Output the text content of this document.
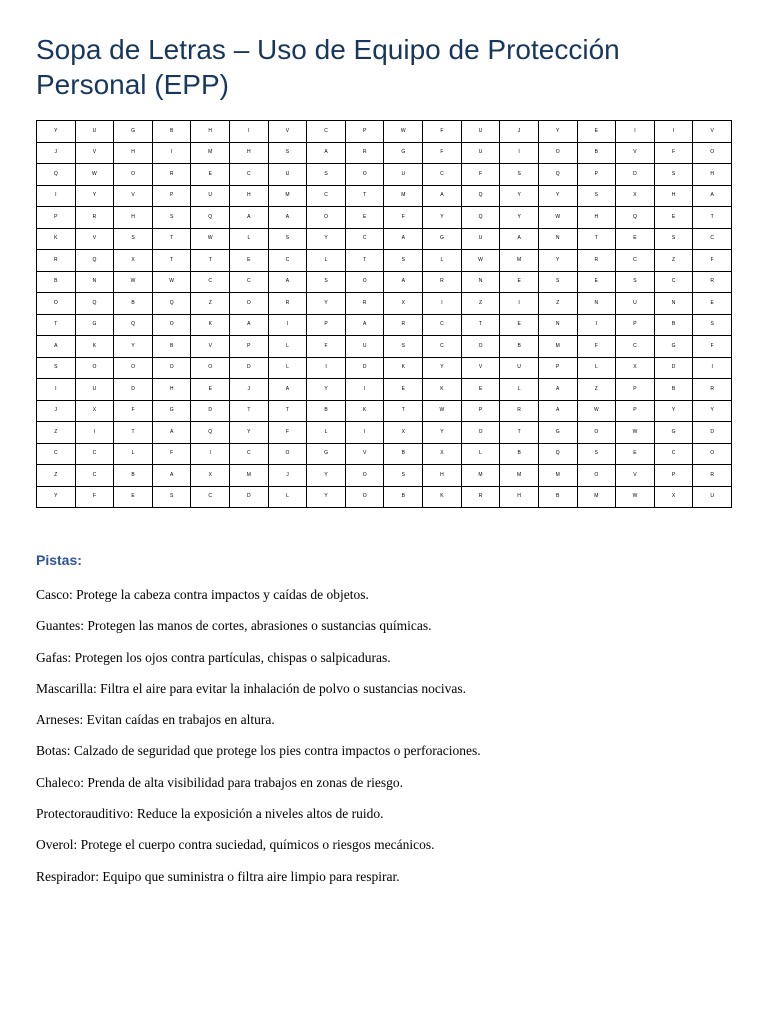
Sopa de Letras – Uso de Equipo de Protección Personal (EPP)
Y	U	G	B	H	I	V	C	P	W	F	U	J	Y	E	I	I	V
J	V	H	I	M	H	S	A	R	G	F	U	I	O	B	V	F	O
Q	W	O	R	E	C	U	S	O	U	C	F	S	Q	P	D	S	H
I	Y	V	P	U	H	M	C	T	M	A	Q	Y	Y	S	X	H	A
P	R	H	S	Q	A	A	O	E	F	Y	Q	Y	W	H	Q	E	T
K	V	S	T	W	L	S	Y	C	A	G	U	A	N	T	E	S	C
R	Q	X	T	T	E	C	L	T	S	L	W	M	Y	R	C	Z	F
B	N	W	W	C	C	A	S	O	A	R	N	E	S	E	S	C	R
O	Q	B	Q	Z	O	R	Y	R	X	I	Z	I	Z	N	U	N	E
T	G	Q	O	K	A	I	P	A	R	C	T	E	N	I	P	B	S
A	K	Y	B	V	P	L	F	U	S	C	O	B	M	F	C	G	F
S	O	O	O	O	D	L	I	D	K	Y	V	U	P	L	X	D	I
I	U	D	H	E	J	A	Y	I	E	K	E	L	A	Z	P	B	R
J	X	F	G	D	T	T	B	K	T	W	P	R	A	W	P	Y	Y
Z	I	T	A	Q	Y	F	L	I	X	Y	O	T	G	O	W	G	D
C	C	L	F	I	C	O	G	V	B	X	L	B	Q	S	E	C	O
Z	C	B	A	X	M	J	Y	O	S	H	M	M	M	O	V	P	R
Y	F	E	S	C	D	L	Y	O	B	K	R	H	B	M	W	X	U
Pistas:
Casco: Protege la cabeza contra impactos y caídas de objetos.
Guantes: Protegen las manos de cortes, abrasiones o sustancias químicas.
Gafas: Protegen los ojos contra partículas, chispas o salpicaduras.
Mascarilla: Filtra el aire para evitar la inhalación de polvo o sustancias nocivas.
Arneses: Evitan caídas en trabajos en altura.
Botas: Calzado de seguridad que protege los pies contra impactos o perforaciones.
Chaleco: Prenda de alta visibilidad para trabajos en zonas de riesgo.
Protectorauditivo: Reduce la exposición a niveles altos de ruido.
Overol: Protege el cuerpo contra suciedad, químicos o riesgos mecánicos.
Respirador: Equipo que suministra o filtra aire limpio para respirar.
